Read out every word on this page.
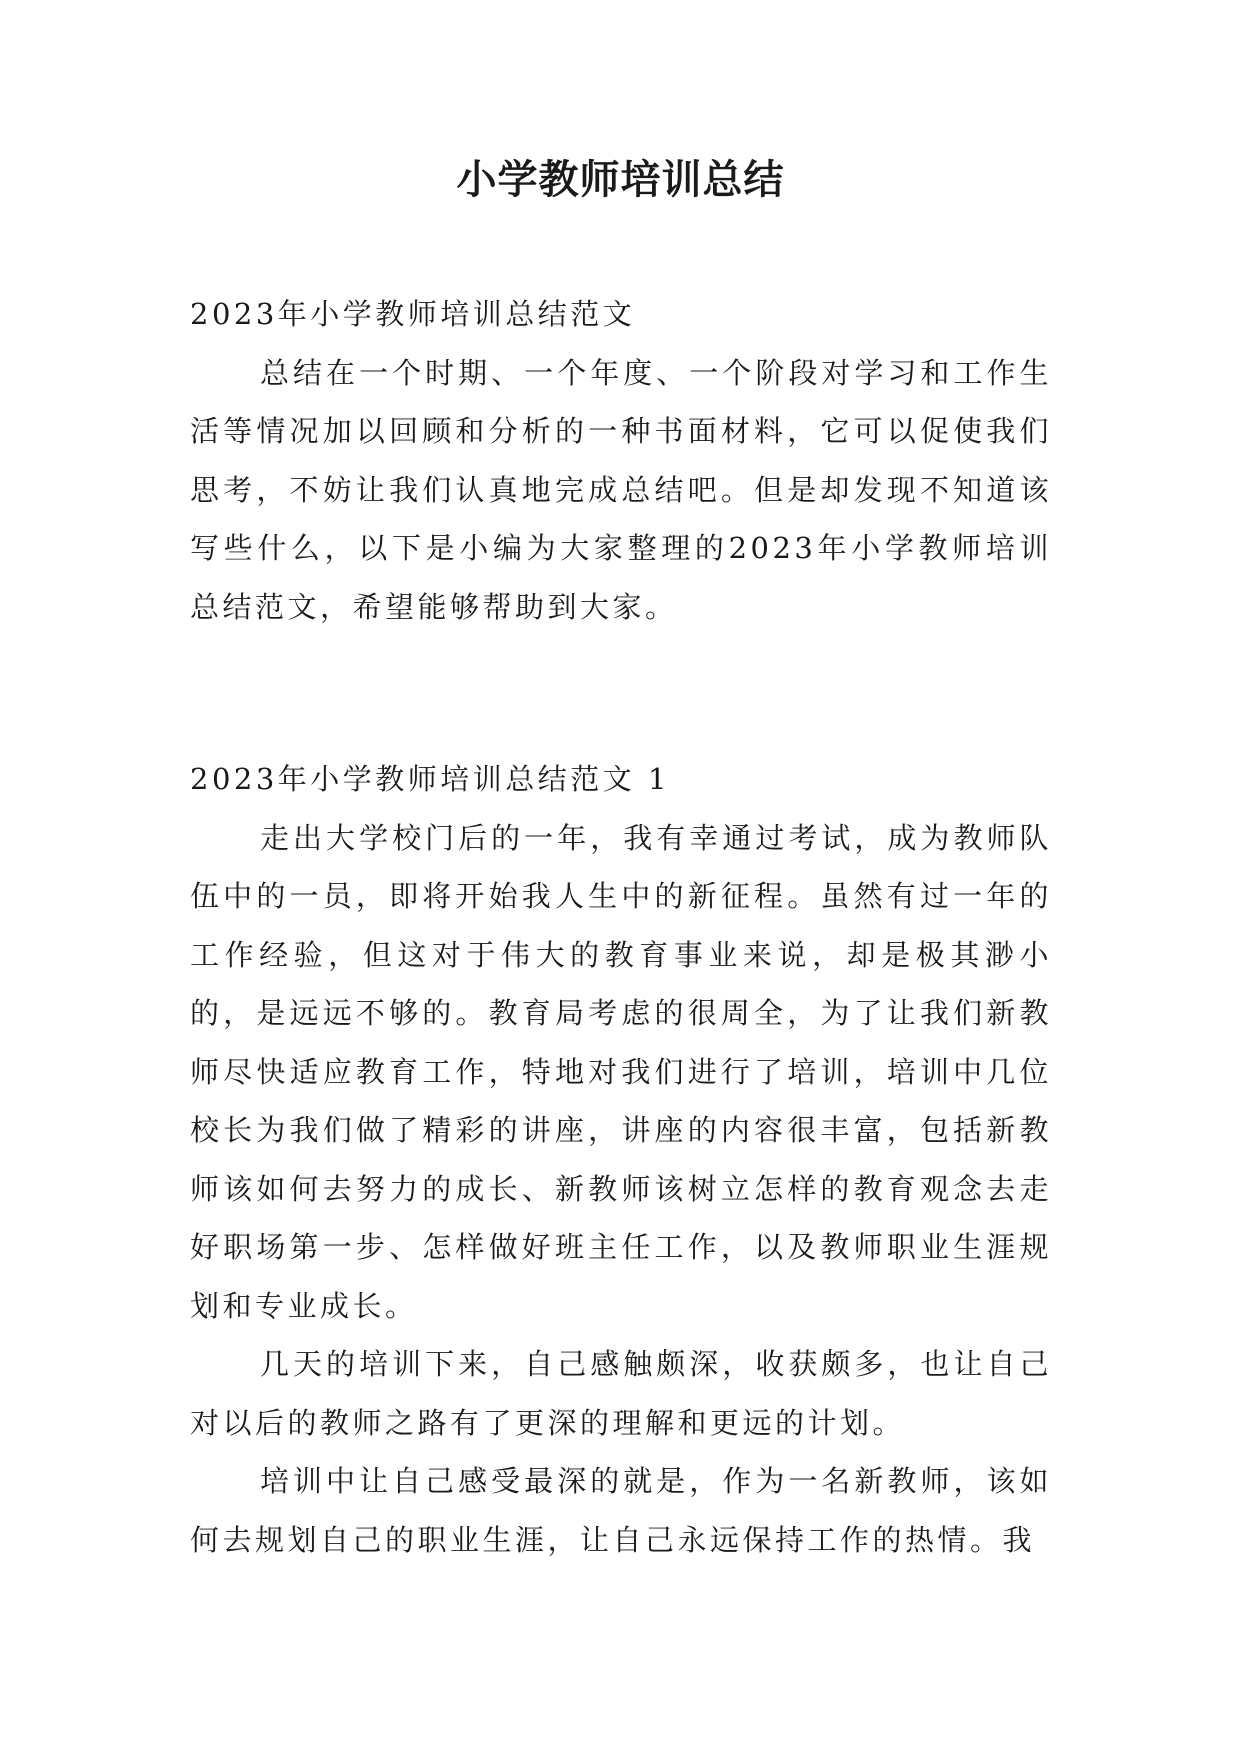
小学教师培训总结
2023年小学教师培训总结范文

总结在一个时期、一个年度、一个阶段对学习和工作生活等情况加以回顾和分析的一种书面材料，它可以促使我们思考，不妨让我们认真地完成总结吧。但是却发现不知道该写些什么，以下是小编为大家整理的2023年小学教师培训总结范文，希望能够帮助到大家。

2023年小学教师培训总结范文 1

走出大学校门后的一年，我有幸通过考试，成为教师队伍中的一员，即将开始我人生中的新征程。虽然有过一年的工作经验，但这对于伟大的教育事业来说，却是极其渺小的，是远远不够的。教育局考虑的很周全，为了让我们新教师尽快适应教育工作，特地对我们进行了培训，培训中几位校长为我们做了精彩的讲座，讲座的内容很丰富，包括新教师该如何去努力的成长、新教师该树立怎样的教育观念去走好职场第一步、怎样做好班主任工作，以及教师职业生涯规划和专业成长。

几天的培训下来，自己感触颇深，收获颇多，也让自己对以后的教师之路有了更深的理解和更远的计划。

培训中让自己感受最深的就是，作为一名新教师，该如何去规划自己的职业生涯，让自己永远保持工作的热情。我
